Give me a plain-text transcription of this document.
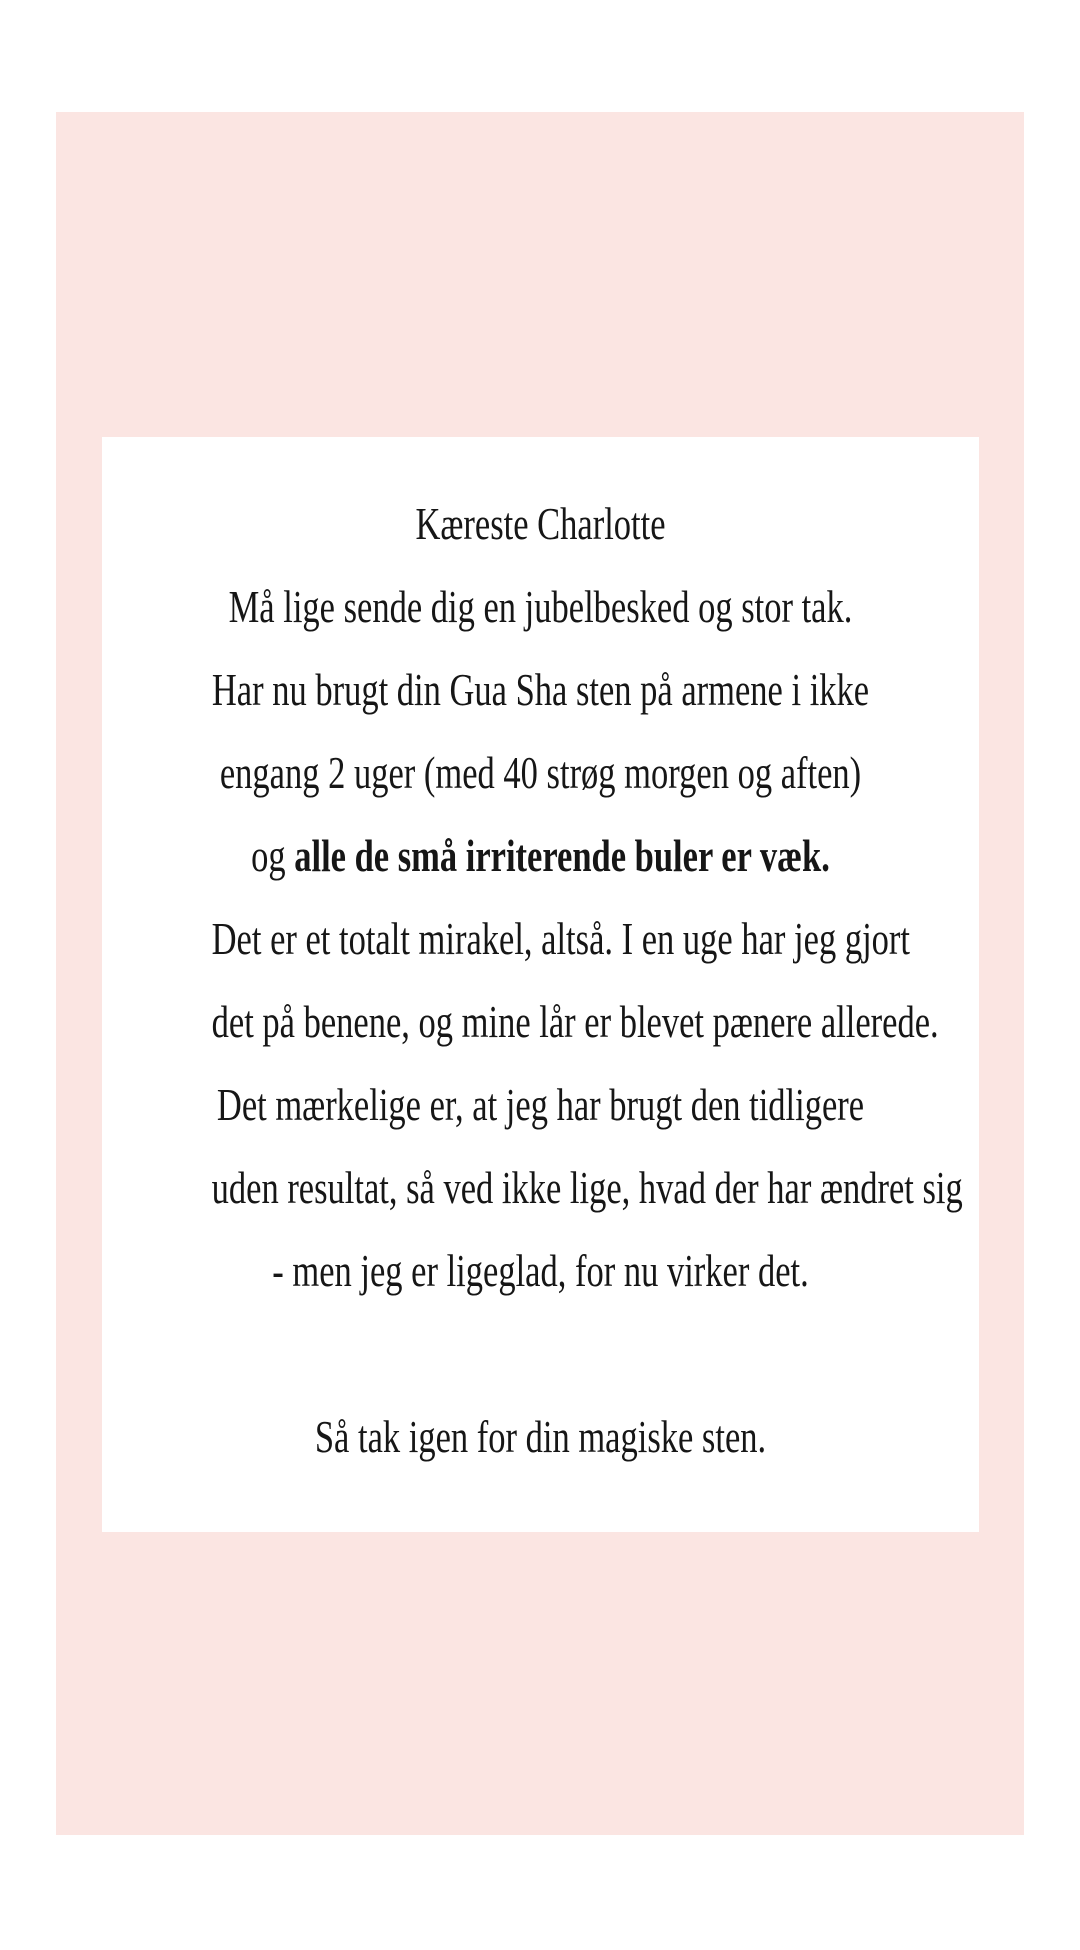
Kæreste Charlotte
Må lige sende dig en jubelbesked og stor tak.
Har nu brugt din Gua Sha sten på armene i ikke
engang 2 uger (med 40 strøg morgen og aften)
og alle de små irriterende buler er væk.
Det er et totalt mirakel, altså. I en uge har jeg gjort
det på benene, og mine lår er blevet pænere allerede.
Det mærkelige er, at jeg har brugt den tidligere
uden resultat, så ved ikke lige, hvad der har ændret sig
- men jeg er ligeglad, for nu virker det.
Så tak igen for din magiske sten.
